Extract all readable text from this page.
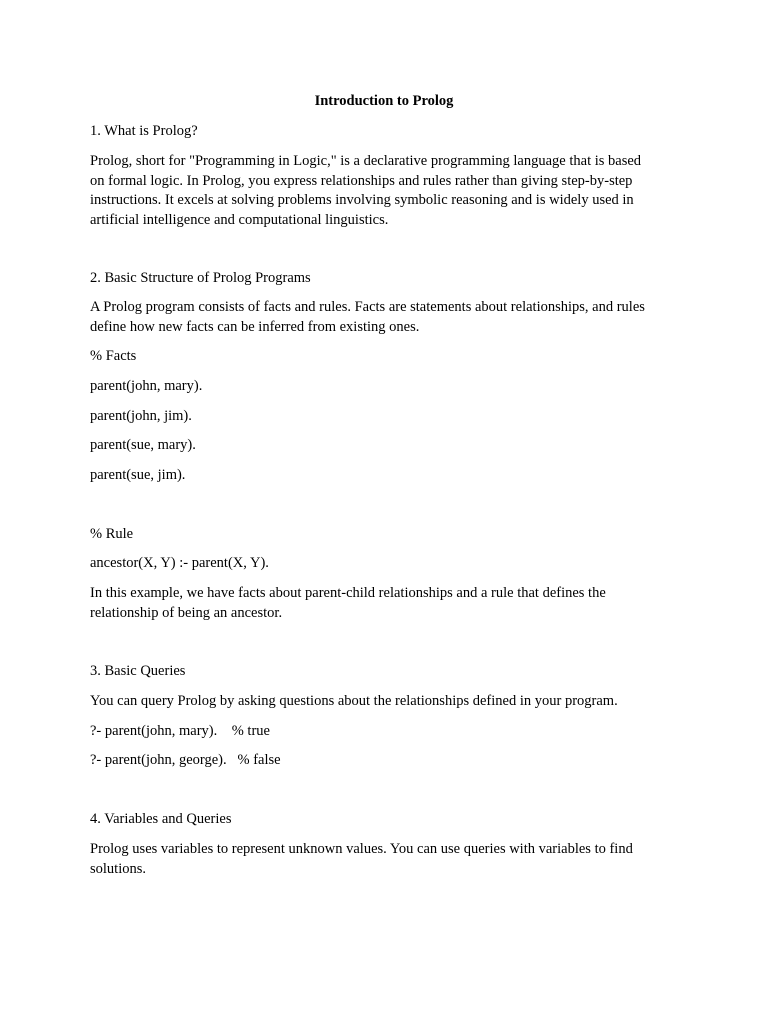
Introduction to Prolog
1. What is Prolog?
Prolog, short for "Programming in Logic," is a declarative programming language that is based
on formal logic. In Prolog, you express relationships and rules rather than giving step-by-step
instructions. It excels at solving problems involving symbolic reasoning and is widely used in
artificial intelligence and computational linguistics.
2. Basic Structure of Prolog Programs
A Prolog program consists of facts and rules. Facts are statements about relationships, and rules
define how new facts can be inferred from existing ones.
% Facts
parent(john, mary).
parent(john, jim).
parent(sue, mary).
parent(sue, jim).
% Rule
ancestor(X, Y) :- parent(X, Y).
In this example, we have facts about parent-child relationships and a rule that defines the
relationship of being an ancestor.
3. Basic Queries
You can query Prolog by asking questions about the relationships defined in your program.
?- parent(john, mary).    % true
?- parent(john, george).   % false
4. Variables and Queries
Prolog uses variables to represent unknown values. You can use queries with variables to find
solutions.
